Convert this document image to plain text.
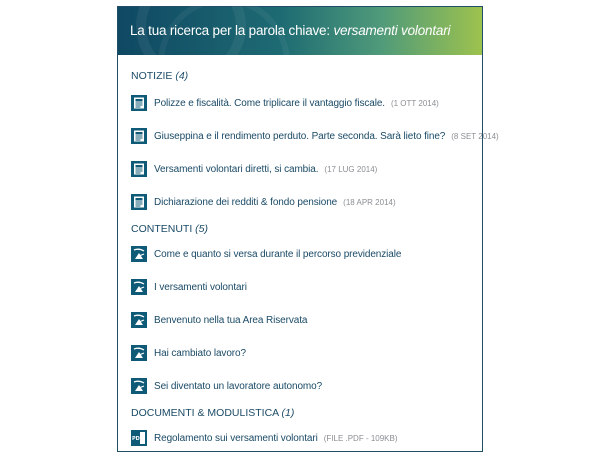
La tua ricerca per la parola chiave: versamenti volontari
NOTIZIE (4)
Polizze e fiscalità. Come triplicare il vantaggio fiscale. (1 OTT 2014)
Giuseppina e il rendimento perduto. Parte seconda. Sarà lieto fine? (8 SET 2014)
Versamenti volontari diretti, si cambia. (17 LUG 2014)
Dichiarazione dei redditi & fondo pensione (18 APR 2014)
CONTENUTI (5)
Come e quanto si versa durante il percorso previdenziale
I versamenti volontari
Benvenuto nella tua Area Riservata
Hai cambiato lavoro?
Sei diventato un lavoratore autonomo?
DOCUMENTI & MODULISTICA (1)
PDF Regolamento sui versamenti volontari (FILE .PDF - 109KB)
